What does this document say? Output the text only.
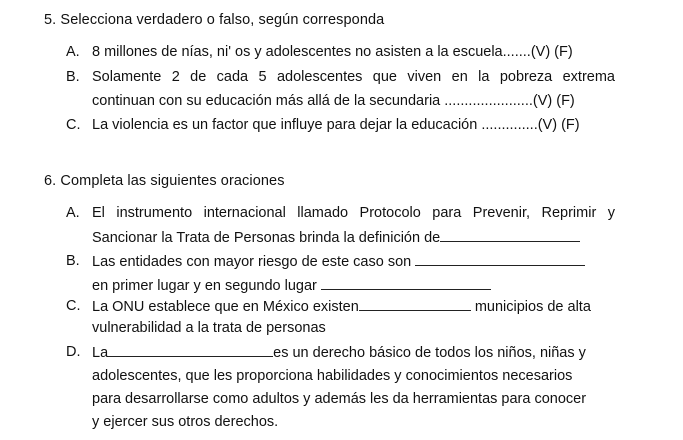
5. Selecciona verdadero o falso, según corresponda
A. 8 millones de nías, ni' os y adolescentes no asisten a la escuela.......(V) (F)
B. Solamente 2 de cada 5 adolescentes que viven en la pobreza extrema
continuan con su educación más allá de la secundaria ......................(V) (F)
C. La violencia es un factor que influye para dejar la educación ..............(V) (F)
6. Completa las siguientes oraciones
A. El instrumento internacional llamado Protocolo para Prevenir, Reprimir y
Sancionar la Trata de Personas brinda la definición de
B. Las entidades con mayor riesgo de este caso son
en primer lugar y en segundo lugar
C. La ONU establece que en México existen	municipios de alta
vulnerabilidad a la trata de personas
D. La	es un derecho básico de todos los niños, niñas y
adolescentes, que les proporciona habilidades y conocimientos necesarios
para desarrollarse como adultos y además les da herramientas para conocer
y ejercer sus otros derechos.
